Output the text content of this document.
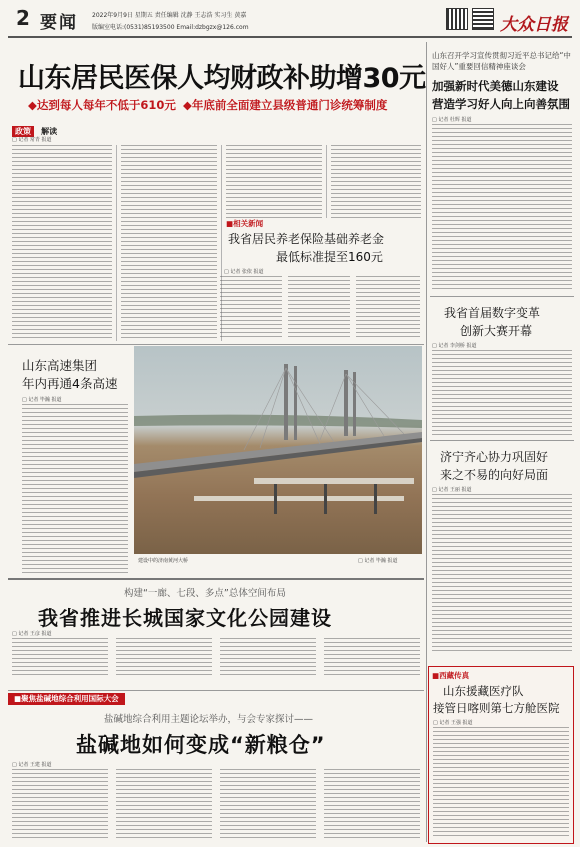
2 要闻 2022年9月9日 星期五 责任编辑 沈静 王志浩 实习生 黄嘉
版编室电话:(0531)85193500 Email:dzbgzx@126.com	大众日报
山东居民医保人均财政补助增30元
◆达到每人每年不低于610元 ◆年底前全面建立县级普通门诊统筹制度
政策 解读
□ 记者 常青 报道
■相关新闻
我省居民养老保险基础养老金
最低标准提至160元
□ 记者 张依 报道
山东高速集团
年内再通4条高速
□ 记者 毕瀚 报道
建设中的济南黄河大桥	□ 记者 毕瀚 报道
构建“一廊、七段、多点”总体空间布局
我省推进长城国家文化公园建设
□ 记者 王彦 报道
■聚焦盐碱地综合利用国际大会
盐碱地综合利用主题论坛举办，与会专家探讨——
盐碱地如何变成“新粮仓”
□ 记者 王建 报道
山东召开学习宣传贯彻习近平总书记给“中国好人”重要回信精神座谈会
加强新时代美德山东建设
营造学习好人向上向善氛围
□ 记者 杜辉 报道
我省首届数字变革
创新大赛开幕
□ 记者 李剑桥 报道
济宁齐心协力巩固好
来之不易的向好局面
□ 记者 王丽 报道
■西藏传真
山东援藏医疗队
接管日喀则第七方舱医院
□ 记者 王强 报道
